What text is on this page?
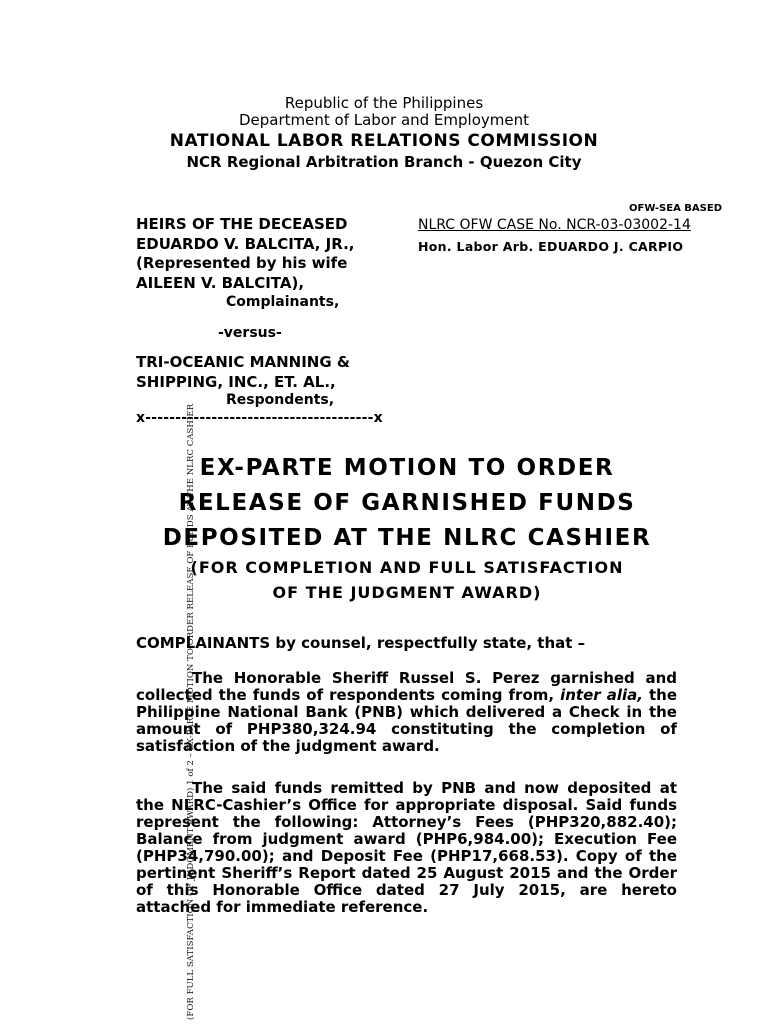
Republic of the Philippines
Department of Labor and Employment
NATIONAL LABOR RELATIONS COMMISSION
NCR Regional Arbitration Branch - Quezon City
OFW-SEA BASED
HEIRS OF THE DECEASED
EDUARDO V. BALCITA, JR.,
(Represented by his wife
AILEEN V. BALCITA),
Complainants,
NLRC OFW CASE No. NCR-03-03002-14
Hon. Labor Arb. EDUARDO J. CARPIO
-versus-
TRI-OCEANIC MANNING &
SHIPPING, INC., ET. AL.,
Respondents,
x--------------------------------------x
EX-PARTE MOTION TO ORDER
RELEASE OF GARNISHED FUNDS
DEPOSITED AT THE NLRC CASHIER
(FOR COMPLETION AND FULL SATISFACTION
OF THE JUDGMENT AWARD)
COMPLAINANTS by counsel, respectfully state, that –
The Honorable Sheriff Russel S. Perez garnished and collected the funds of respondents coming from, inter alia, the Philippine National Bank (PNB) which delivered a Check in the amount of PHP380,324.94 constituting the completion of satisfaction of the judgment award.
The said funds remitted by PNB and now deposited at the NLRC-Cashier’s Office for appropriate disposal. Said funds represent the following: Attorney’s Fees (PHP320,882.40); Balance from judgment award (PHP6,984.00); Execution Fee (PHP34,790.00); and Deposit Fee (PHP17,668.53). Copy of the pertinent Sheriff’s Report dated 25 August 2015 and the Order of this Honorable Office dated 27 July 2015, are hereto attached for immediate reference.
(FOR FULL SATISFACTION OF JUDGMENT AWARD) 1 of 2 – EX-PARTE MOTION TO ORDER RELEASE OF FUNDS AT THE NLRC CASHIER
